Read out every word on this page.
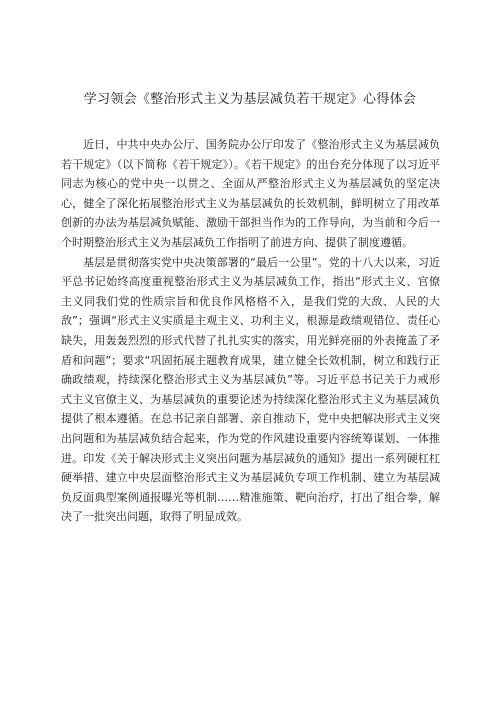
学习领会《整治形式主义为基层减负若干规定》心得体会

近日，中共中央办公厅、国务院办公厅印发了《整治形式主义为基层减负若干规定》（以下简称《若干规定》）。《若干规定》的出台充分体现了以习近平同志为核心的党中央一以贯之、全面从严整治形式主义为基层减负的坚定决心，健全了深化拓展整治形式主义为基层减负的长效机制，鲜明树立了用改革创新的办法为基层减负赋能、激励干部担当作为的工作导向，为当前和今后一个时期整治形式主义为基层减负工作指明了前进方向、提供了制度遵循。

基层是贯彻落实党中央决策部署的“最后一公里”。党的十八大以来，习近平总书记始终高度重视整治形式主义为基层减负工作，指出“形式主义、官僚主义同我们党的性质宗旨和优良作风格格不入，是我们党的大敌、人民的大敌”；强调“形式主义实质是主观主义、功利主义，根源是政绩观错位、责任心缺失，用轰轰烈烈的形式代替了扎扎实实的落实，用光鲜亮丽的外表掩盖了矛盾和问题”；要求“巩固拓展主题教育成果，建立健全长效机制，树立和践行正确政绩观，持续深化整治形式主义为基层减负”等。习近平总书记关于力戒形式主义官僚主义、为基层减负的重要论述为持续深化整治形式主义为基层减负提供了根本遵循。在总书记亲自部署、亲自推动下，党中央把解决形式主义突出问题和为基层减负结合起来，作为党的作风建设重要内容统筹谋划、一体推进。印发《关于解决形式主义突出问题为基层减负的通知》提出一系列硬杠杠硬举措、建立中央层面整治形式主义为基层减负专项工作机制、建立为基层减负反面典型案例通报曝光等机制……精准施策、靶向治疗，打出了组合拳，解决了一批突出问题，取得了明显成效。
